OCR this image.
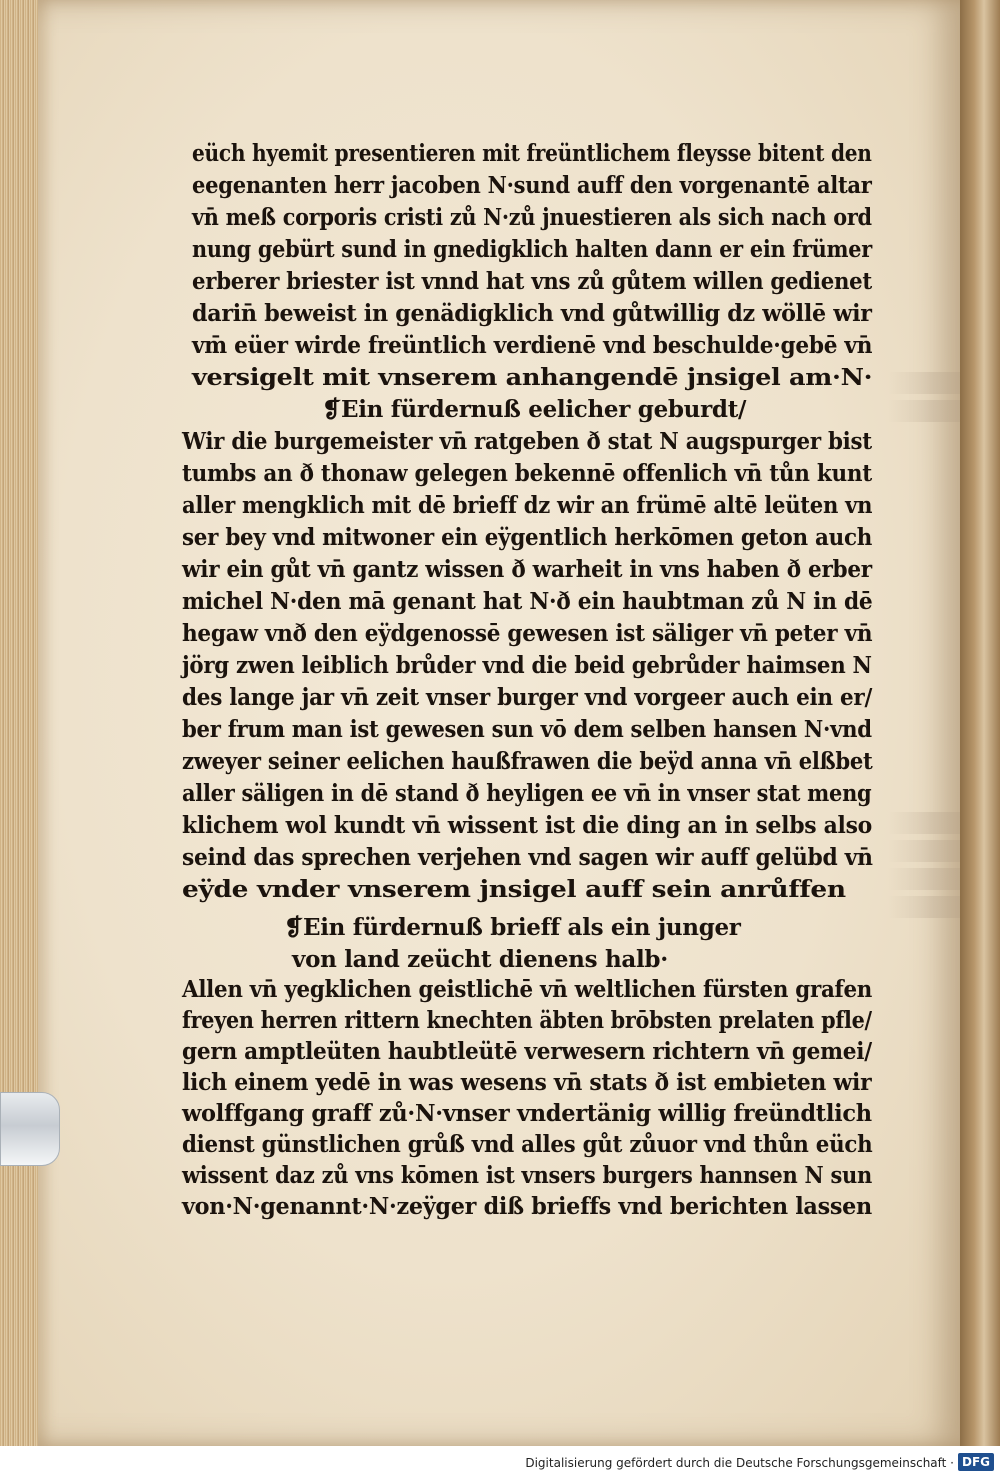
eüch hyemit presentieren mit freüntlichem fleysse bitent den
eegenanten herr jacoben N·sund auff den vorgenantē altar
vn̄ meß corporis cristi zů N·zů jnuestieren als sich nach ord
nung gebürt sund in gnedigklich halten dann er ein frümer
erberer briester ist vnnd hat vns zů gůtem willen gedienet
darin̄ beweist in genädigklich vnd gůtwillig dz wöllē wir
vm̄ eüer wirde freüntlich verdienē vnd beschulde·gebē vn̄
versigelt mit vnserem anhangendē jnsigel am·N·
❡Ein fürdernuß eelicher geburdt/
Wir die burgemeister vn̄ ratgeben ð stat N augspurger bist
tumbs an ð thonaw gelegen bekennē offenlich vn̄ tůn kunt
aller mengklich mit dē brieff dz wir an frümē altē leüten vn
ser bey vnd mitwoner ein eÿgentlich herkōmen geton auch
wir ein gůt vn̄ gantz wissen ð warheit in vns haben ð erber
michel N·den mā genant hat N·ð ein haubtman zů N in dē
hegaw vnð den eÿdgenossē gewesen ist säliger vn̄ peter vn̄
jörg zwen leiblich brůder vnd die beid gebrůder haimsen N
des lange jar vn̄ zeit vnser burger vnd vorgeer auch ein er/
ber frum man ist gewesen sun vō dem selben hansen N·vnd
zweyer seiner eelichen haußfrawen die beÿd anna vn̄ elßbet
aller säligen in dē stand ð heyligen ee vn̄ in vnser stat meng
klichem wol kundt vn̄ wissent ist die ding an in selbs also
seind das sprechen verjehen vnd sagen wir auff gelübd vn̄
eÿde vnder vnserem jnsigel auff sein anrůffen
❡Ein fürdernuß brieff als ein junger
von land zeücht dienens halb·
Allen vn̄ yegklichen geistlichē vn̄ weltlichen fürsten grafen
freyen herren rittern knechten äbten brōbsten prelaten pfle/
gern amptleüten haubtleütē verwesern richtern vn̄ gemei/
lich einem yedē in was wesens vn̄ stats ð ist embieten wir
wolffgang graff zů·N·vnser vndertänig willig freündtlich
dienst günstlichen grůß vnd alles gůt zůuor vnd thůn eüch
wissent daz zů vns kōmen ist vnsers burgers hannsen N sun
von·N·genannt·N·zeÿger diß brieffs vnd berichten lassen
Digitalisierung gefördert durch die Deutsche Forschungsgemeinschaft · DFG
